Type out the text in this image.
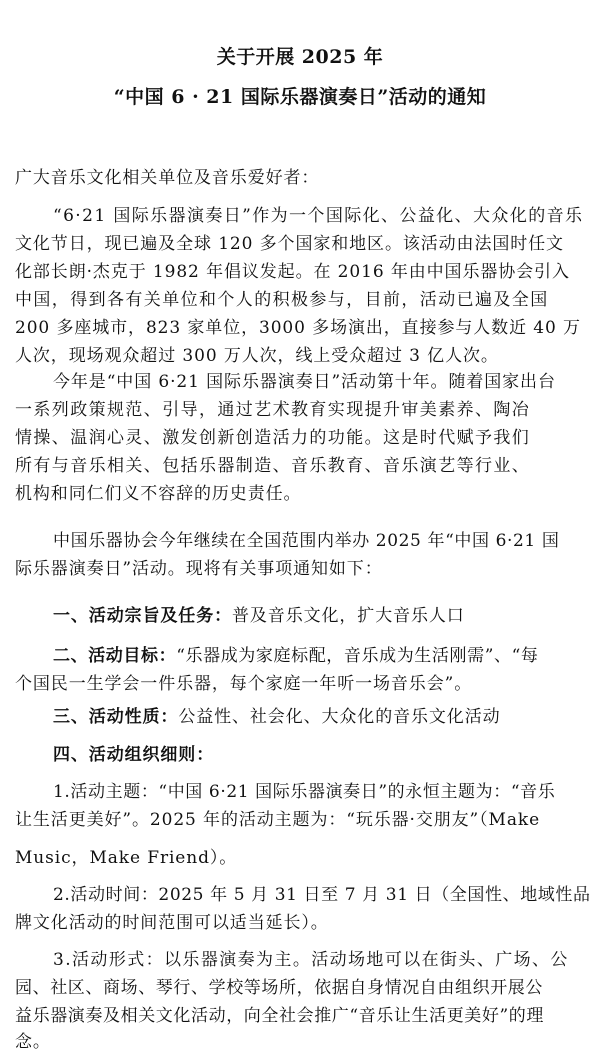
关于开展 2025 年
“中国 6 · 21 国际乐器演奏日”活动的通知
广大音乐文化相关单位及音乐爱好者：
“6·21 国际乐器演奏日”作为一个国际化、公益化、大众化的音乐
文化节日，现已遍及全球 120 多个国家和地区。该活动由法国时任文
化部长朗·杰克于 1982 年倡议发起。在 2016 年由中国乐器协会引入
中国，得到各有关单位和个人的积极参与，目前，活动已遍及全国
200 多座城市，823 家单位，3000 多场演出，直接参与人数近 40 万
人次，现场观众超过 300 万人次，线上受众超过 3 亿人次。
今年是“中国 6·21 国际乐器演奏日”活动第十年。随着国家出台
一系列政策规范、引导，通过艺术教育实现提升审美素养、陶冶
情操、温润心灵、激发创新创造活力的功能。这是时代赋予我们
所有与音乐相关、包括乐器制造、音乐教育、音乐演艺等行业、
机构和同仁们义不容辞的历史责任。
中国乐器协会今年继续在全国范围内举办 2025 年“中国 6·21 国
际乐器演奏日”活动。现将有关事项通知如下：
一、活动宗旨及任务：普及音乐文化，扩大音乐人口
二、活动目标：“乐器成为家庭标配，音乐成为生活刚需”、“每
个国民一生学会一件乐器，每个家庭一年听一场音乐会”。
三、活动性质：公益性、社会化、大众化的音乐文化活动
四、活动组织细则：
1.活动主题：“中国 6·21 国际乐器演奏日”的永恒主题为：“音乐
让生活更美好”。2025 年的活动主题为：“玩乐器·交朋友”（Make
Music，Make Friend）。
2.活动时间：2025 年 5 月 31 日至 7 月 31 日（全国性、地域性品
牌文化活动的时间范围可以适当延长）。
3.活动形式：以乐器演奏为主。活动场地可以在街头、广场、公
园、社区、商场、琴行、学校等场所，依据自身情况自由组织开展公
益乐器演奏及相关文化活动，向全社会推广“音乐让生活更美好”的理
念。
